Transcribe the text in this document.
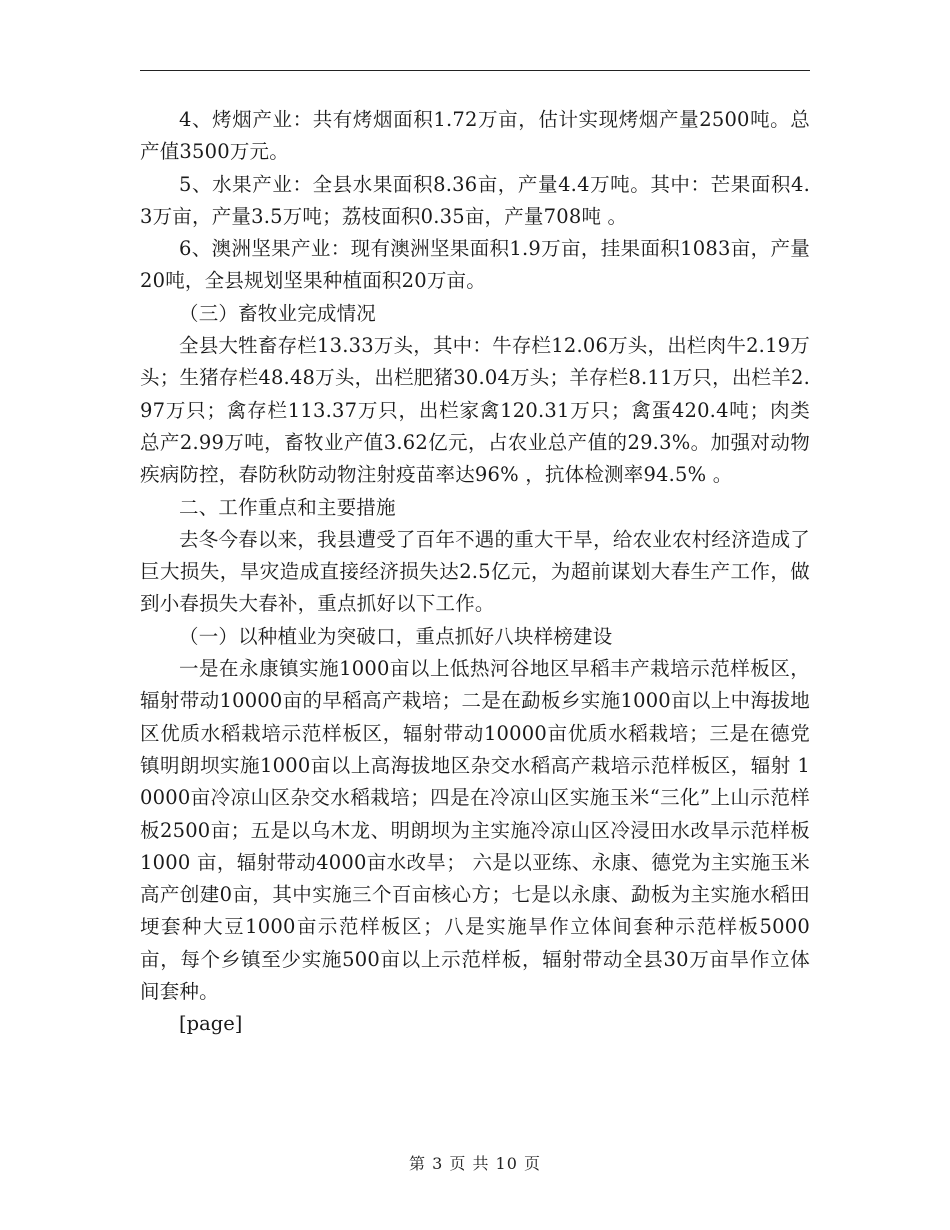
4、烤烟产业：共有烤烟面积1.72万亩，估计实现烤烟产量2500吨。总产值3500万元。

5、水果产业：全县水果面积8.36亩，产量4.4万吨。其中：芒果面积4.3万亩，产量3.5万吨；荔枝面积0.35亩，产量708吨 。

6、澳洲坚果产业：现有澳洲坚果面积1.9万亩，挂果面积1083亩，产量20吨，全县规划坚果种植面积20万亩。

（三）畜牧业完成情况

全县大牲畜存栏13.33万头，其中：牛存栏12.06万头，出栏肉牛2.19万头；生猪存栏48.48万头，出栏肥猪30.04万头；羊存栏8.11万只，出栏羊2.97万只；禽存栏113.37万只，出栏家禽120.31万只；禽蛋420.4吨；肉类总产2.99万吨，畜牧业产值3.62亿元，占农业总产值的29.3%。加强对动物疾病防控，春防秋防动物注射疫苗率达96% ，抗体检测率94.5% 。

二、工作重点和主要措施

去冬今春以来，我县遭受了百年不遇的重大干旱，给农业农村经济造成了巨大损失，旱灾造成直接经济损失达2.5亿元，为超前谋划大春生产工作，做到小春损失大春补，重点抓好以下工作。

（一）以种植业为突破口，重点抓好八块样榜建设

一是在永康镇实施1000亩以上低热河谷地区早稻丰产栽培示范样板区，辐射带动10000亩的早稻高产栽培；二是在勐板乡实施1000亩以上中海拔地区优质水稻栽培示范样板区，辐射带动10000亩优质水稻栽培；三是在德党镇明朗坝实施1000亩以上高海拔地区杂交水稻高产栽培示范样板区，辐射 10000亩冷凉山区杂交水稻栽培；四是在冷凉山区实施玉米“三化”上山示范样板2500亩；五是以乌木龙、明朗坝为主实施冷凉山区冷浸田水改旱示范样板1000 亩，辐射带动4000亩水改旱； 六是以亚练、永康、德党为主实施玉米高产创建0亩，其中实施三个百亩核心方；七是以永康、勐板为主实施水稻田埂套种大豆1000亩示范样板区；八是实施旱作立体间套种示范样板5000亩，每个乡镇至少实施500亩以上示范样板，辐射带动全县30万亩旱作立体间套种。

[page]

第 3 页 共 10 页
